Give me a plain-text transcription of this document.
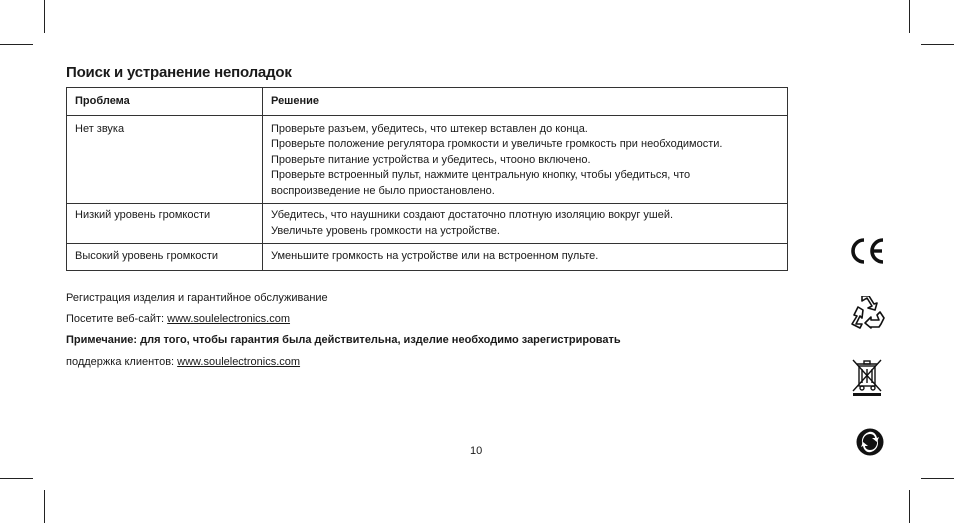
Поиск и устранение неполадок
Проблема	Решение
Нет звука	Проверьте разъем, убедитесь, что штекер вставлен до конца.
Проверьте положение регулятора громкости и увеличьте громкость при необходимости.
Проверьте питание устройства и убедитесь, чтооно включено.
Проверьте встроенный пульт, нажмите центральную кнопку, чтобы убедиться, что
воспроизведение не было приостановлено.

Низкий уровень громкости	Убедитесь, что наушники создают достаточно плотную изоляцию вокруг ушей.
Увеличьте уровень громкости на устройстве.

Высокий уровень громкости	Уменьшите громкость на устройстве или на встроенном пульте.
Регистрация изделия и гарантийное обслуживание
Посетите веб-сайт: www.soulelectronics.com
Примечание: для того, чтобы гарантия была действительна, изделие необходимо зарегистрировать
поддержка клиентов: www.soulelectronics.com
10
